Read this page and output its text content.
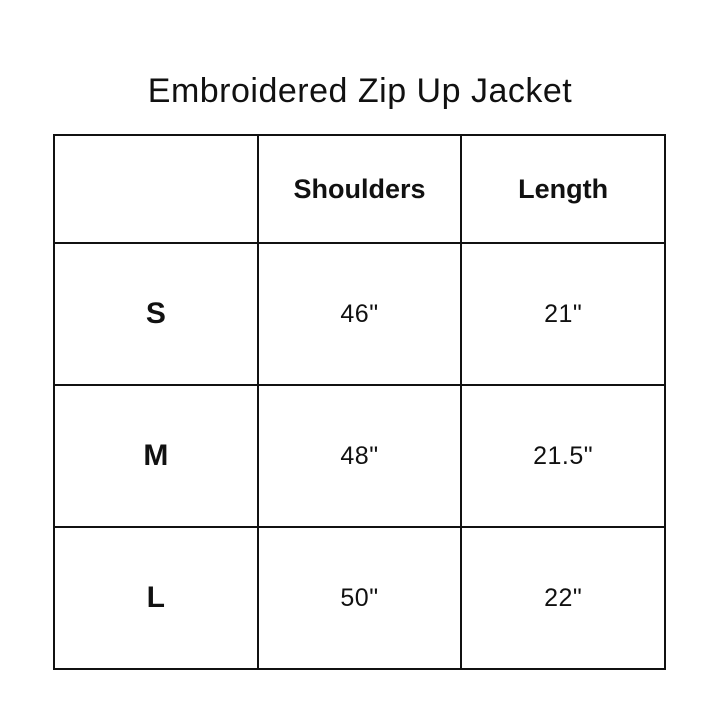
Embroidered Zip Up Jacket
	Shoulders	Length
S	46"	21"
M	48"	21.5"
L	50"	22"
